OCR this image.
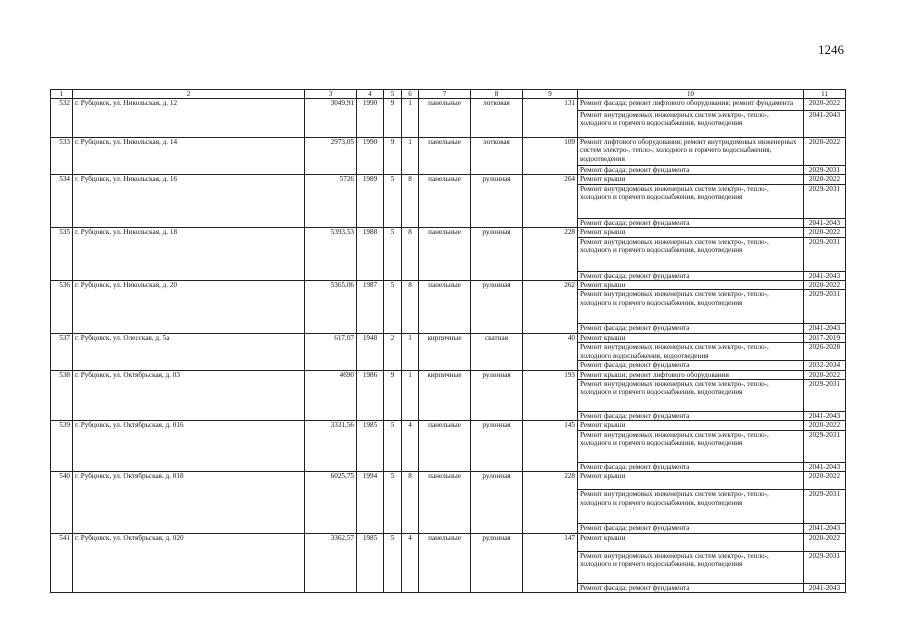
1246
1	2	3	4	5	6	7	8	9	10	11
532	г. Рубцовск, ул. Никольская, д. 12	3049,91	1990	9	1	панельные	лотковая	131	Ремонт фасада; ремонт лифтового оборудования; ремонт фундамента	2020-2022
									Ремонт внутридомовых инженерных систем электро-, тепло-, холодного и горячего водоснабжения, водоотведения	2041-2043
533	г. Рубцовск, ул. Никольская, д. 14	2973,05	1990	9	1	панельные	лотковая	109	Ремонт лифтового оборудования; ремонт внутридомовых инженерных систем электро-, тепло-, холодного и горячего водоснабжения, водоотведения	2020-2022
									Ремонт фасада; ремонт фундамента	2029-2031
534	г. Рубцовск, ул. Никольская, д. 16	5726	1989	5	8	панельные	рулонная	264	Ремонт крыши	2020-2022
									Ремонт внутридомовых инженерных систем электро-, тепло-, холодного и горячего водоснабжения, водоотведения	2029-2031
									Ремонт фасада; ремонт фундамента	2041-2043
535	г. Рубцовск, ул. Никольская, д. 18	5393,53	1988	5	8	панельные	рулонная	228	Ремонт крыши	2020-2022
									Ремонт внутридомовых инженерных систем электро-, тепло-, холодного и горячего водоснабжения, водоотведения	2029-2031
									Ремонт фасада; ремонт фундамента	2041-2043
536	г. Рубцовск, ул. Никольская, д. 20	5365,06	1987	5	8	панельные	рулонная	262	Ремонт крыши	2020-2022
									Ремонт внутридомовых инженерных систем электро-, тепло-, холодного и горячего водоснабжения, водоотведения	2029-2031
									Ремонт фасада; ремонт фундамента	2041-2043
537	г. Рубцовск, ул. Олесская, д. 5а	617,07	1948	2	1	кирпичные	скатная	40	Ремонт крыши	2017-2019
									Ремонт внутридомовых инженерных систем электро-, тепло-, холодного водоснабжения, водоотведения	2026-2028
									Ремонт фасада; ремонт фундамента	2032-2034
538	г. Рубцовск, ул. Октябрьская, д. 03	4690	1986	9	1	кирпичные	рулонная	193	Ремонт крыши; ремонт лифтового оборудования	2020-2022
									Ремонт внутридомовых инженерных систем электро-, тепло-, холодного и горячего водоснабжения, водоотведения	2029-2031
									Ремонт фасада; ремонт фундамента	2041-2043
539	г. Рубцовск, ул. Октябрьская, д. 016	3331,56	1985	5	4	панельные	рулонная	145	Ремонт крыши	2020-2022
									Ремонт внутридомовых инженерных систем электро-, тепло-, холодного и горячего водоснабжения, водоотведения	2029-2031
									Ремонт фасада; ремонт фундамента	2041-2043
540	г. Рубцовск, ул. Октябрьская, д. 018	6025,75	1994	5	8	панельные	рулонная	228	Ремонт крыши	2020-2022
									Ремонт внутридомовых инженерных систем электро-, тепло-, холодного и горячего водоснабжения, водоотведения	2029-2031
									Ремонт фасада; ремонт фундамента	2041-2043
541	г. Рубцовск, ул. Октябрьская, д. 020	3362,57	1985	5	4	панельные	рулонная	147	Ремонт крыши	2020-2022
									Ремонт внутридомовых инженерных систем электро-, тепло-, холодного и горячего водоснабжения, водоотведения	2029-2031
									Ремонт фасада; ремонт фундамента	2041-2043
